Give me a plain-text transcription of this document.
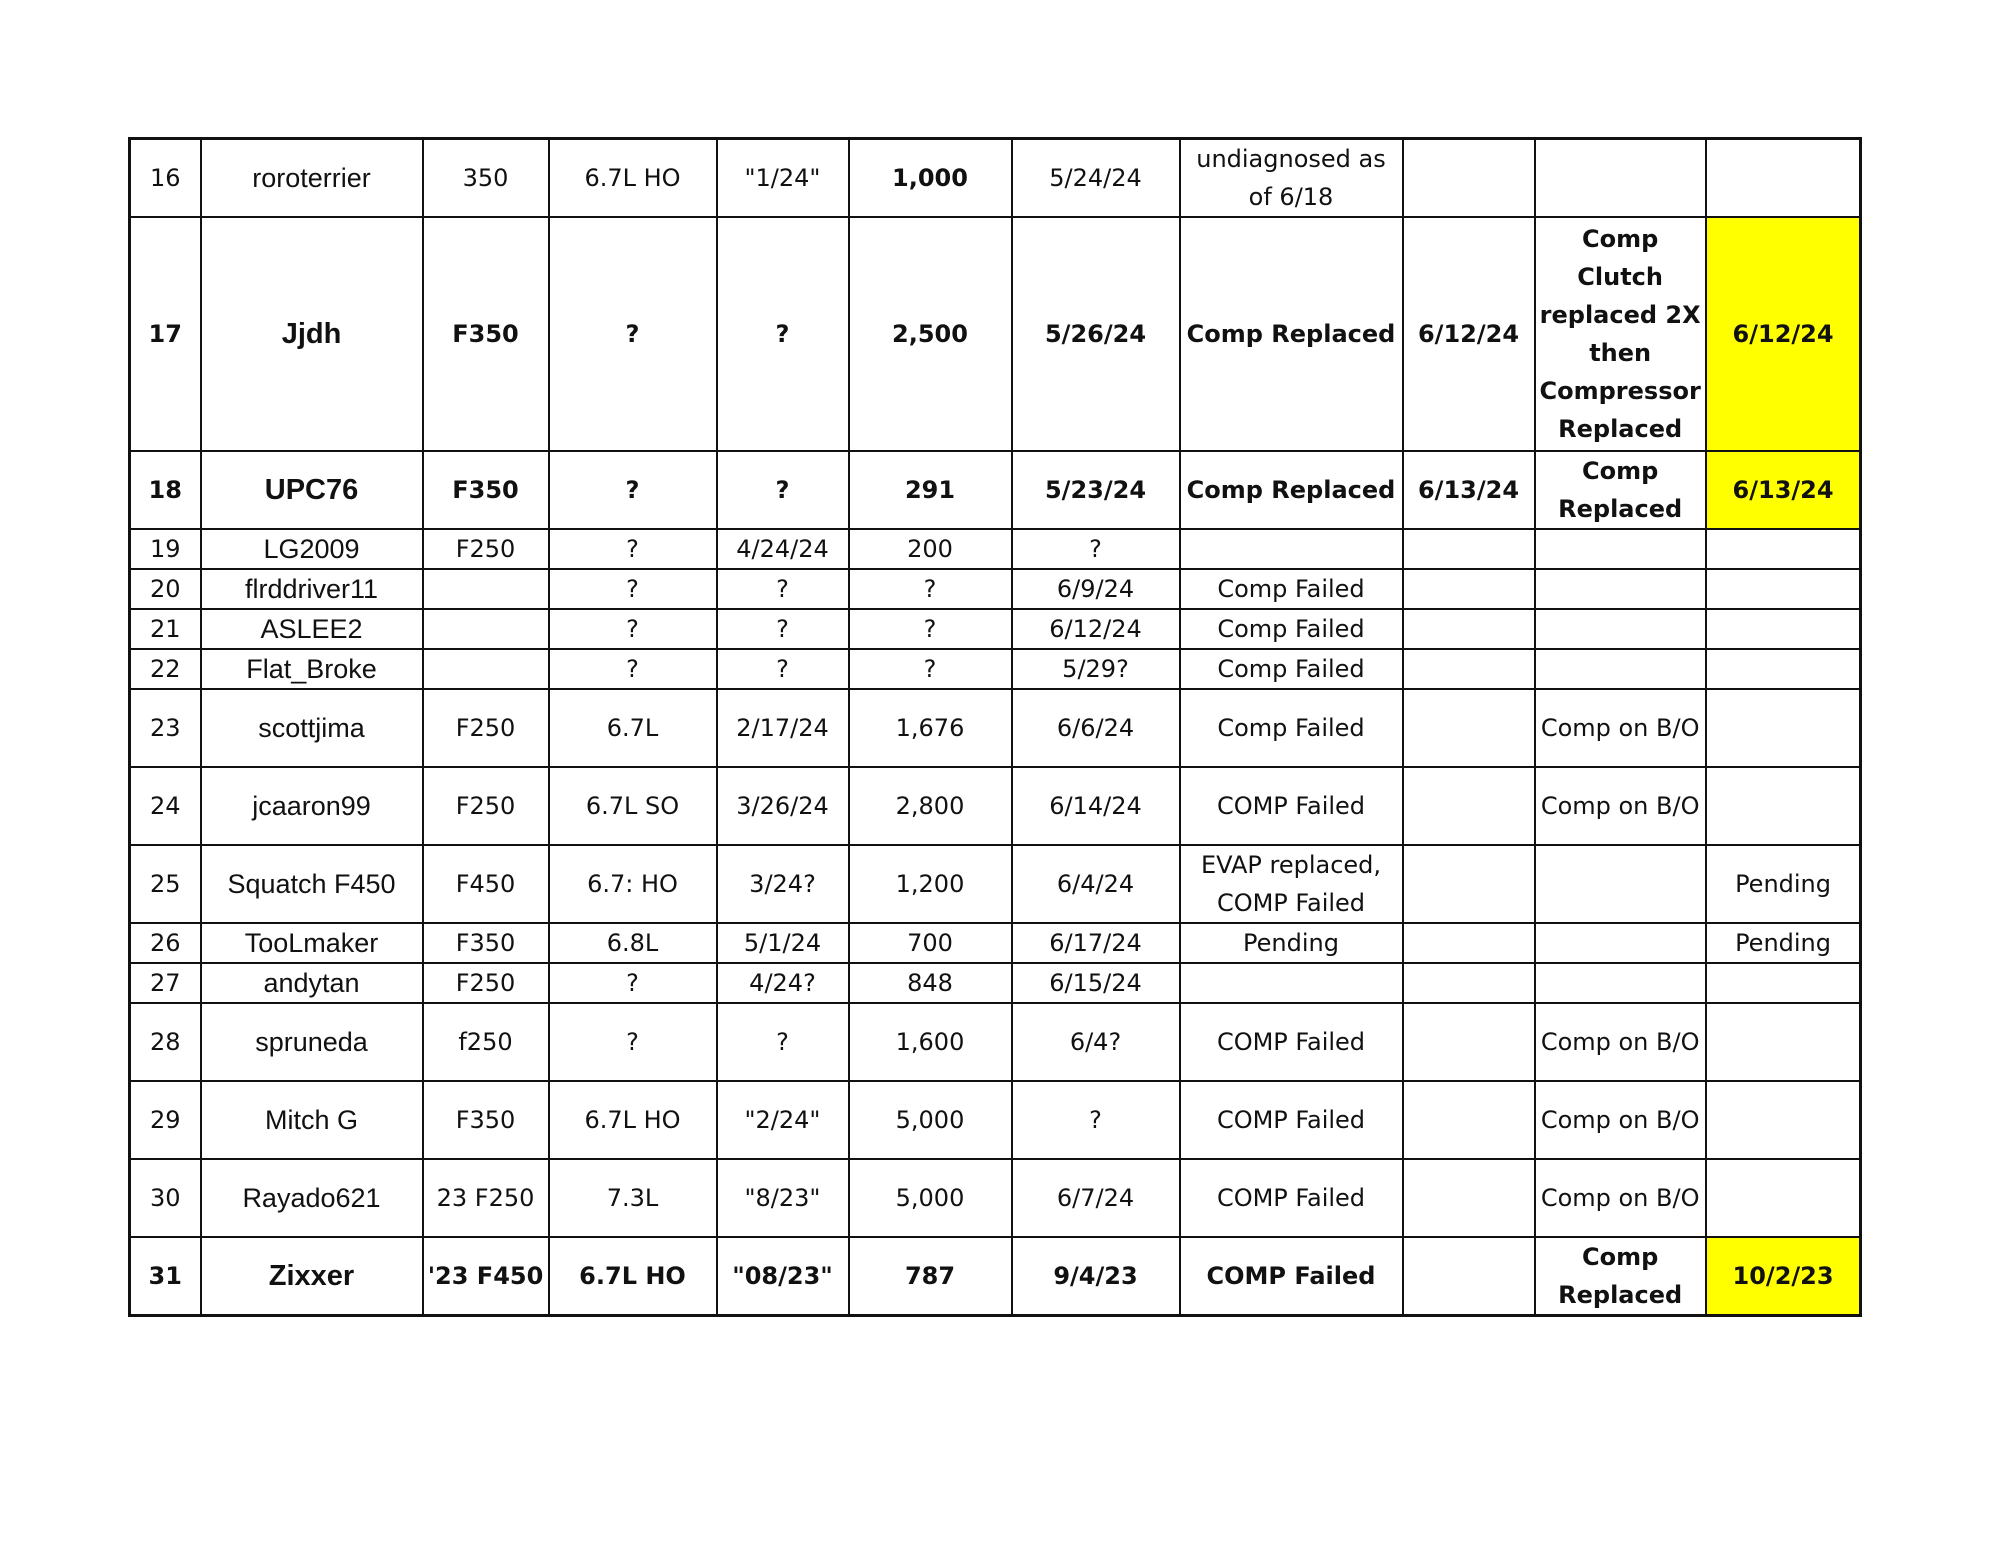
16	roroterrier	350	6.7L HO	"1/24"	1,000	5/24/24	undiagnosed as of 6/18			
17	Jjdh	F350	?	?	2,500	5/26/24	Comp Replaced	6/12/24	Comp Clutch replaced 2X then Compressor Replaced	6/12/24
18	UPC76	F350	?	?	291	5/23/24	Comp Replaced	6/13/24	Comp Replaced	6/13/24
19	LG2009	F250	?	4/24/24	200	?				
20	flrddriver11		?	?	?	6/9/24	Comp Failed			
21	ASLEE2		?	?	?	6/12/24	Comp Failed			
22	Flat_Broke		?	?	?	5/29?	Comp Failed			
23	scottjima	F250	6.7L	2/17/24	1,676	6/6/24	Comp Failed		Comp on B/O	
24	jcaaron99	F250	6.7L SO	3/26/24	2,800	6/14/24	COMP Failed		Comp on B/O	
25	Squatch F450	F450	6.7: HO	3/24?	1,200	6/4/24	EVAP replaced, COMP Failed			Pending
26	TooLmaker	F350	6.8L	5/1/24	700	6/17/24	Pending			Pending
27	andytan	F250	?	4/24?	848	6/15/24				
28	spruneda	f250	?	?	1,600	6/4?	COMP Failed		Comp on B/O	
29	Mitch G	F350	6.7L HO	"2/24"	5,000	?	COMP Failed		Comp on B/O	
30	Rayado621	23 F250	7.3L	"8/23"	5,000	6/7/24	COMP Failed		Comp on B/O	
31	Zixxer	'23 F450	6.7L HO	"08/23"	787	9/4/23	COMP Failed		Comp Replaced	10/2/23
